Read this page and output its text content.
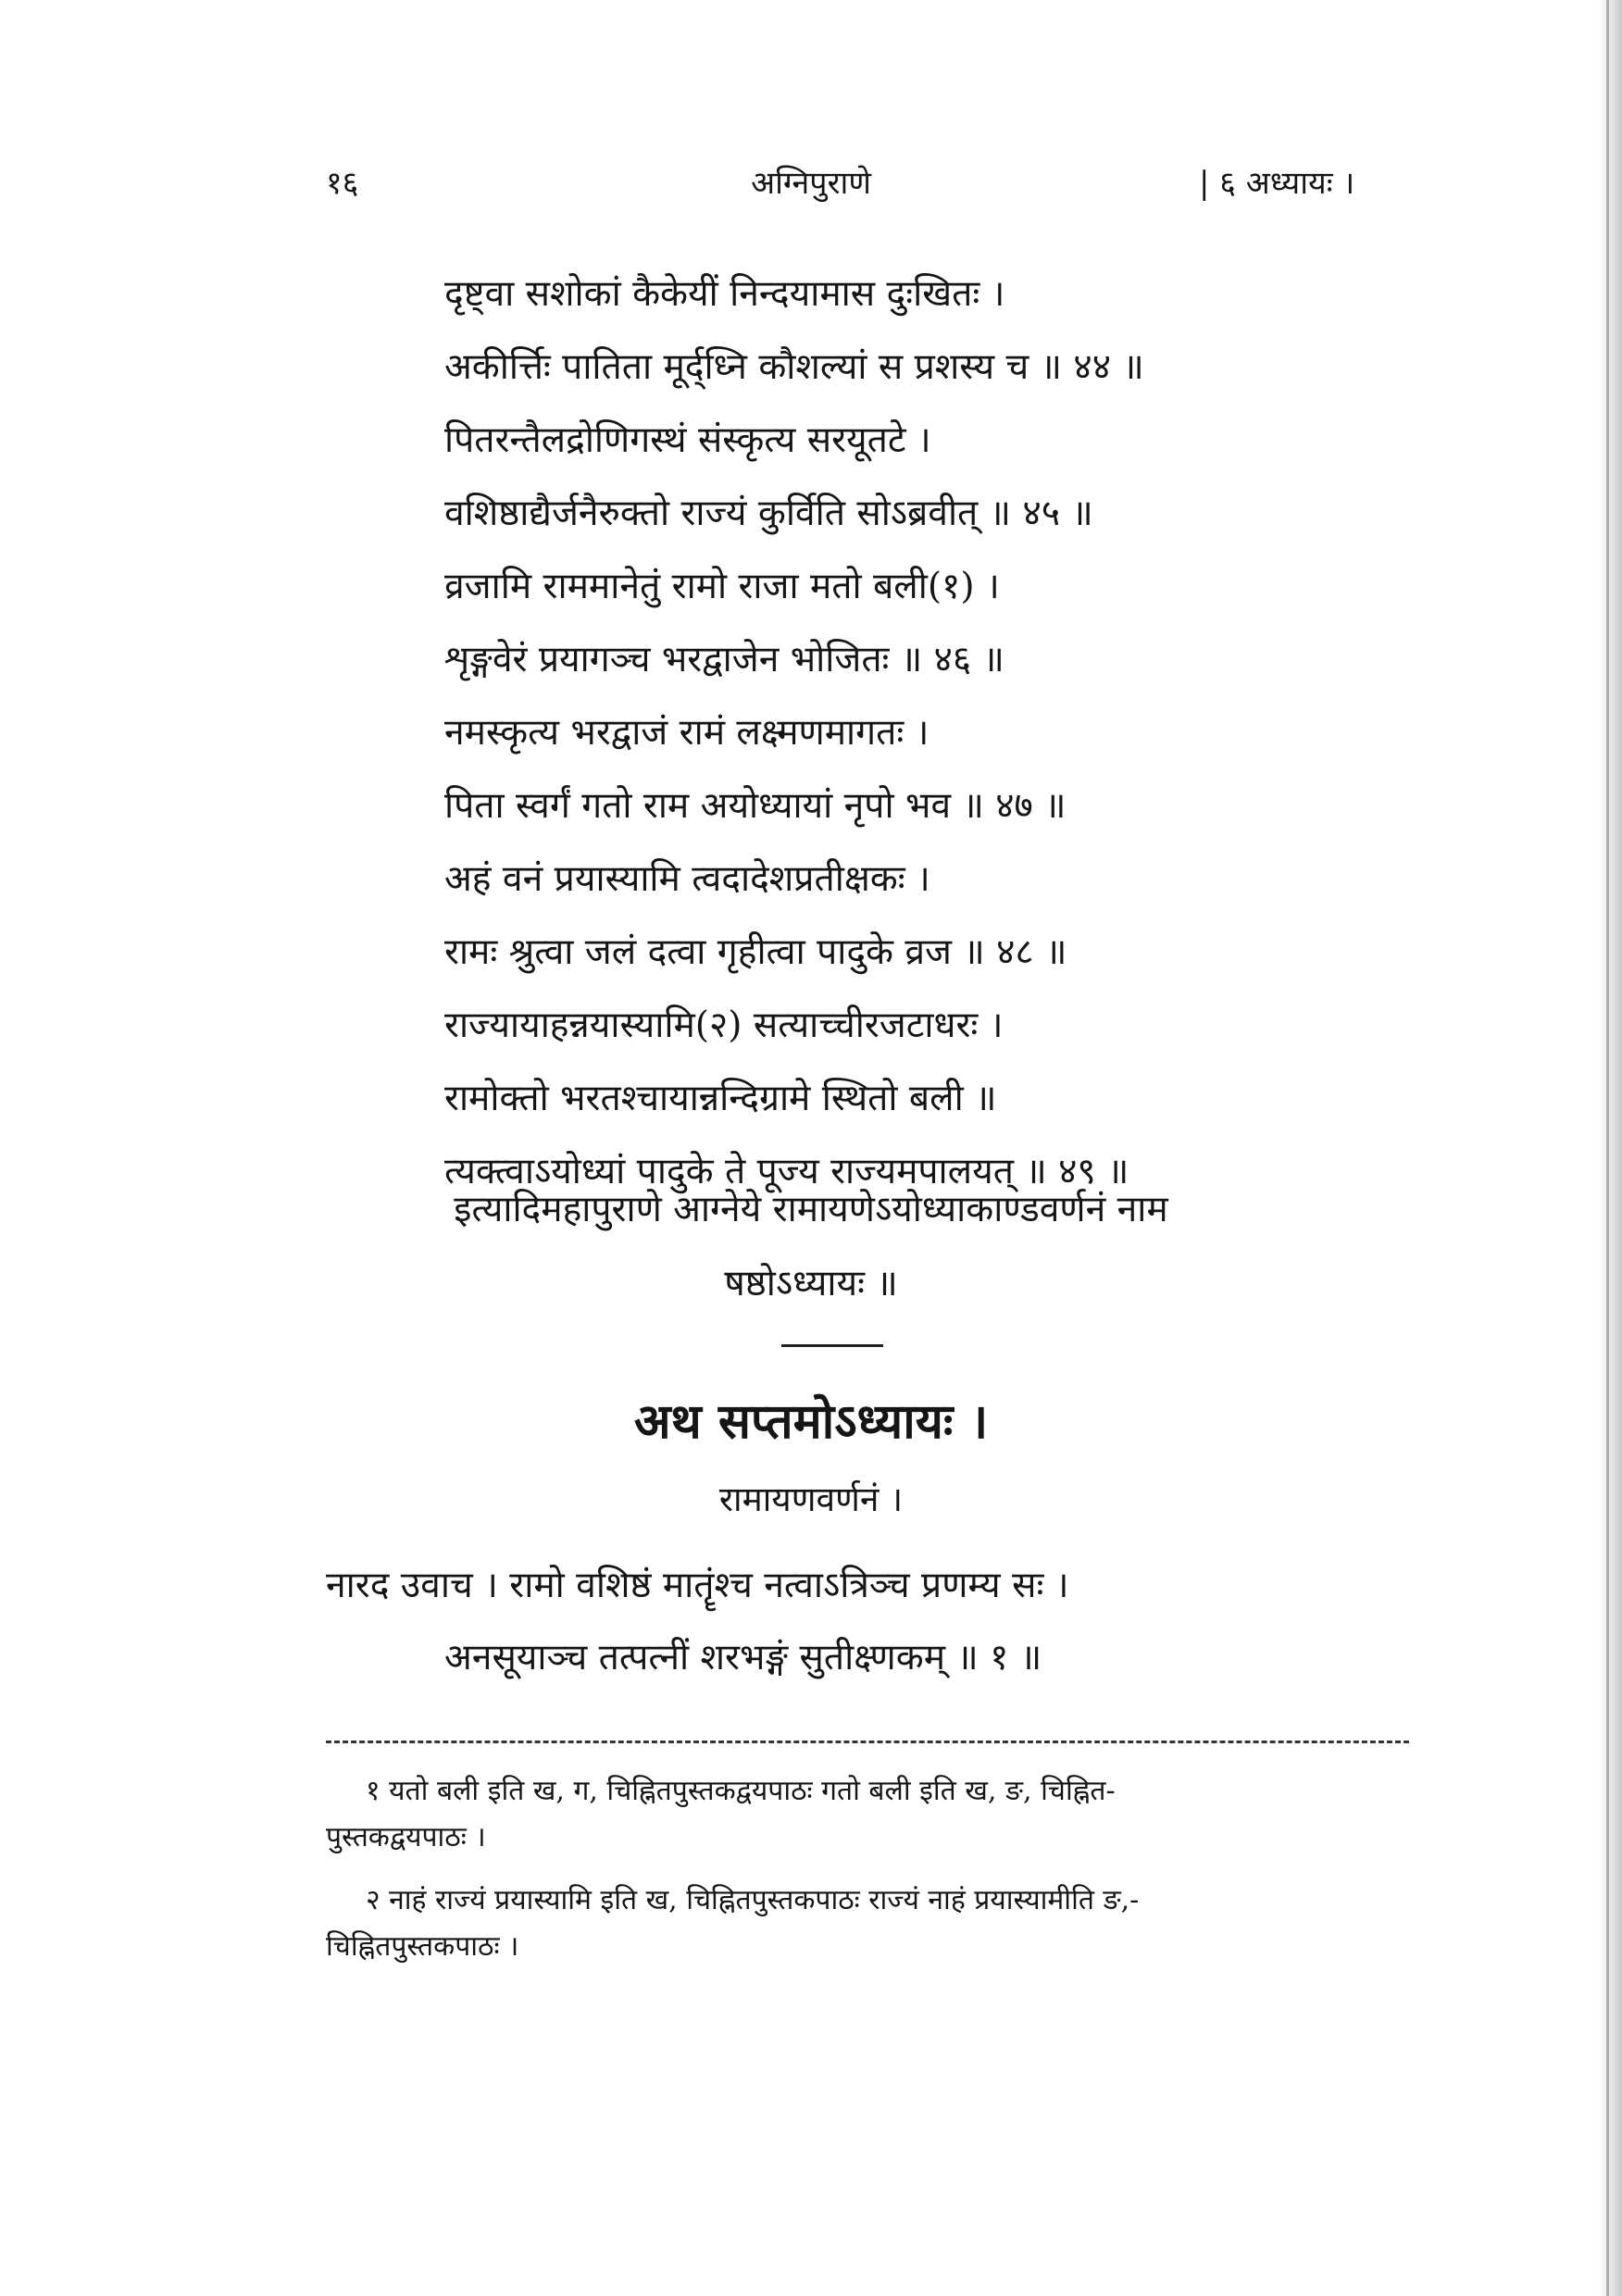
१६	अग्निपुराणे	| ६ अध्यायः ।
दृष्ट्वा सशोकां कैकेयीं निन्दयामास दुःखितः ।
अकीर्त्तिः पातिता मूर्द्ध्नि कौशल्यां स प्रशस्य च ॥ ४४ ॥
पितरन्तैलद्रोणिगस्थं संस्कृत्य सरयूतटे ।
वशिष्ठाद्यैर्जनैरुक्तो राज्यं कुर्विति सोऽब्रवीत् ॥ ४५ ॥
व्रजामि राममानेतुं रामो राजा मतो बली(१) ।
शृङ्गवेरं प्रयागञ्च भरद्वाजेन भोजितः ॥ ४६ ॥
नमस्कृत्य भरद्वाजं रामं लक्ष्मणमागतः ।
पिता स्वर्गं गतो राम अयोध्यायां नृपो भव ॥ ४७ ॥
अहं वनं प्रयास्यामि त्वदादेशप्रतीक्षकः ।
रामः श्रुत्वा जलं दत्वा गृहीत्वा पादुके व्रज ॥ ४८ ॥
राज्यायाहन्नयास्यामि(२) सत्याच्चीरजटाधरः ।
रामोक्तो भरतश्चायान्नन्दिग्रामे स्थितो बली ॥
त्यक्त्वाऽयोध्यां पादुके ते पूज्य राज्यमपालयत् ॥ ४९ ॥
इत्यादिमहापुराणे आग्नेये रामायणेऽयोध्याकाण्डवर्णनं नाम
षष्ठोऽध्यायः ॥
अथ सप्तमोऽध्यायः ।
रामायणवर्णनं ।
नारद उवाच । रामो वशिष्ठं मातॄंश्च नत्वाऽत्रिञ्च प्रणम्य सः ।
अनसूयाञ्च तत्पत्नीं शरभङ्गं सुतीक्ष्णकम् ॥ १ ॥
१ यतो बली इति ख, ग, चिह्नितपुस्तकद्वयपाठः गतो बली इति ख, ङ, चिह्नित-
पुस्तकद्वयपाठः ।
२ नाहं राज्यं प्रयास्यामि इति ख, चिह्नितपुस्तकपाठः राज्यं नाहं प्रयास्यामीति ङ,-
चिह्नितपुस्तकपाठः ।
